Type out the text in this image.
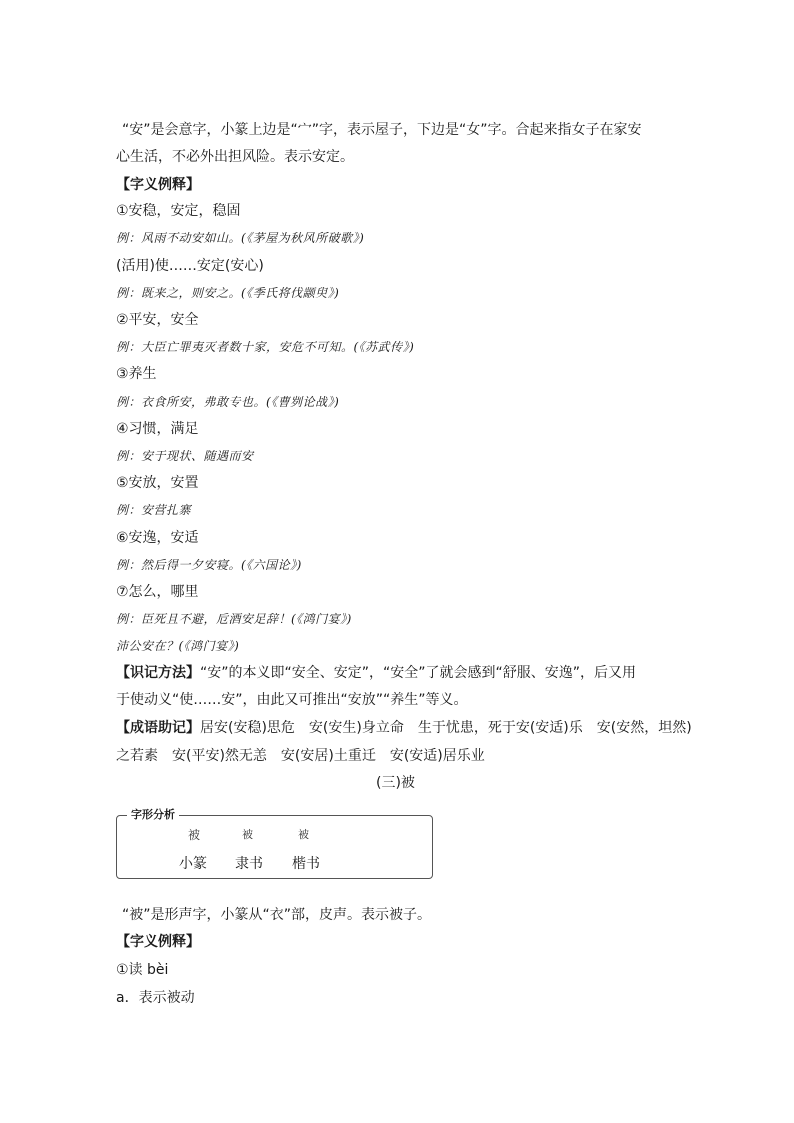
“安”是会意字，小篆上边是“宀”字，表示屋子，下边是“女”字。合起来指女子在家安
心生活，不必外出担风险。表示安定。
【字义例释】
①安稳，安定，稳固
例：风雨不动安如山。(《茅屋为秋风所破歌》)
(活用)使……安定(安心)
例：既来之，则安之。(《季氏将伐颛臾》)
②平安，安全
例：大臣亡罪夷灭者数十家，安危不可知。(《苏武传》)
③养生
例：衣食所安，弗敢专也。(《曹刿论战》)
④习惯，满足
例：安于现状、随遇而安
⑤安放，安置
例：安营扎寨
⑥安逸，安适
例：然后得一夕安寝。(《六国论》)
⑦怎么，哪里
例：臣死且不避，卮酒安足辞！(《鸿门宴》)
沛公安在？(《鸿门宴》)
【识记方法】“安”的本义即“安全、安定”，“安全”了就会感到“舒服、安逸”，后又用
于使动义“使……安”，由此又可推出“安放”“养生”等义。
【成语助记】居安(安稳)思危　安(安生)身立命　生于忧患，死于安(安适)乐　安(安然，坦然)
之若素　安(平安)然无恙　安(安居)土重迁　安(安适)居乐业
(三)被
字形分析
被	被	被
小篆 隶书 楷书
“被”是形声字，小篆从“衣”部，皮声。表示被子。
【字义例释】
①读 bèi
a．表示被动
